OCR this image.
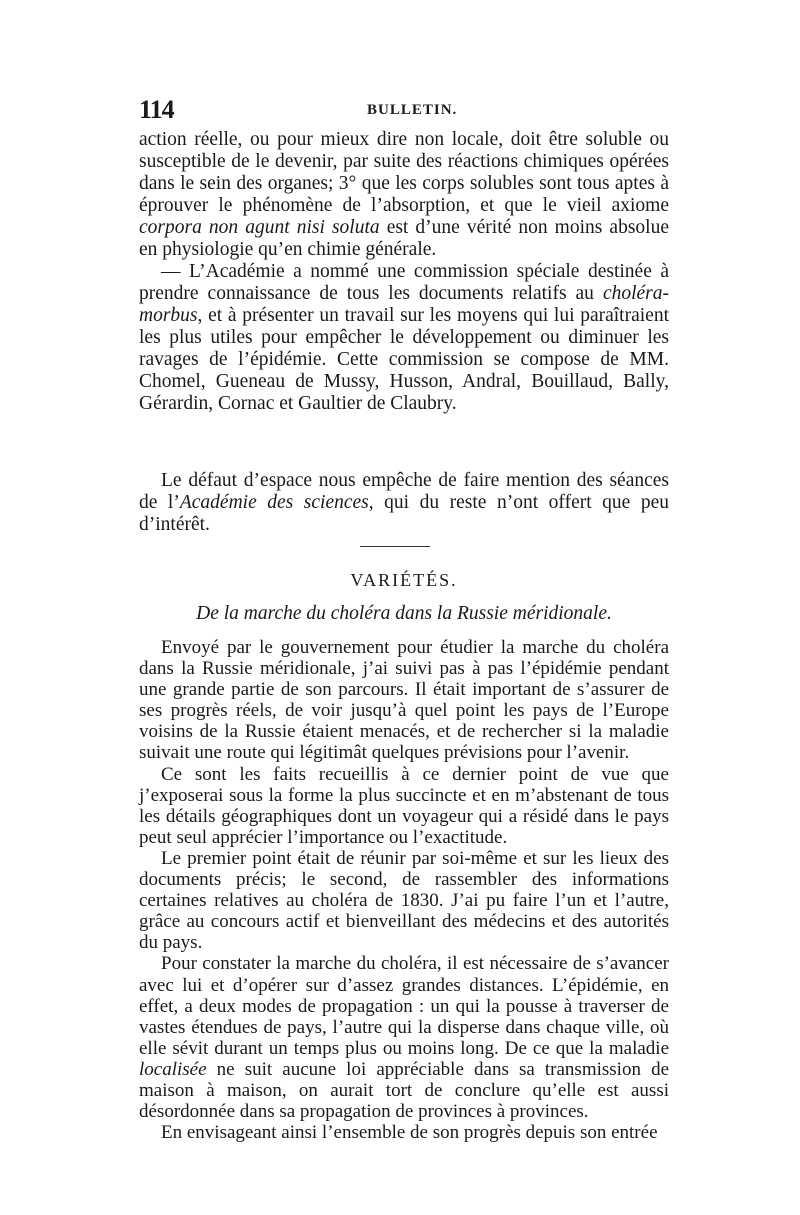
114	BULLETIN.

action réelle, ou pour mieux dire non locale, doit être soluble ou susceptible de le devenir, par suite des réactions chimiques opérées dans le sein des organes; 3° que les corps solubles sont tous aptes à éprouver le phénomène de l’absorption, et que le vieil axiome corpora non agunt nisi soluta est d’une vérité non moins absolue en physiologie qu’en chimie générale.

— L’Académie a nommé une commission spéciale destinée à prendre connaissance de tous les documents relatifs au choléra-morbus, et à présenter un travail sur les moyens qui lui paraîtraient les plus utiles pour empêcher le développement ou diminuer les ravages de l’épidémie. Cette commission se compose de MM. Chomel, Gueneau de Mussy, Husson, Andral, Bouillaud, Bally, Gérardin, Cornac et Gaultier de Claubry.

Le défaut d’espace nous empêche de faire mention des séances de l’Académie des sciences, qui du reste n’ont offert que peu d’intérêt.

VARIÉTÉS.
De la marche du choléra dans la Russie méridionale.

Envoyé par le gouvernement pour étudier la marche du choléra dans la Russie méridionale, j’ai suivi pas à pas l’épidémie pendant une grande partie de son parcours. Il était important de s’assurer de ses progrès réels, de voir jusqu’à quel point les pays de l’Europe voisins de la Russie étaient menacés, et de rechercher si la maladie suivait une route qui légitimât quelques prévisions pour l’avenir.

Ce sont les faits recueillis à ce dernier point de vue que j’exposerai sous la forme la plus succincte et en m’abstenant de tous les détails géographiques dont un voyageur qui a résidé dans le pays peut seul apprécier l’importance ou l’exactitude.

Le premier point était de réunir par soi-même et sur les lieux des documents précis; le second, de rassembler des informations certaines relatives au choléra de 1830. J’ai pu faire l’un et l’autre, grâce au concours actif et bienveillant des médecins et des autorités du pays.

Pour constater la marche du choléra, il est nécessaire de s’avancer avec lui et d’opérer sur d’assez grandes distances. L’épidémie, en effet, a deux modes de propagation : un qui la pousse à traverser de vastes étendues de pays, l’autre qui la disperse dans chaque ville, où elle sévit durant un temps plus ou moins long. De ce que la maladie localisée ne suit aucune loi appréciable dans sa transmission de maison à maison, on aurait tort de conclure qu’elle est aussi désordonnée dans sa propagation de provinces à provinces.

En envisageant ainsi l’ensemble de son progrès depuis son entrée
